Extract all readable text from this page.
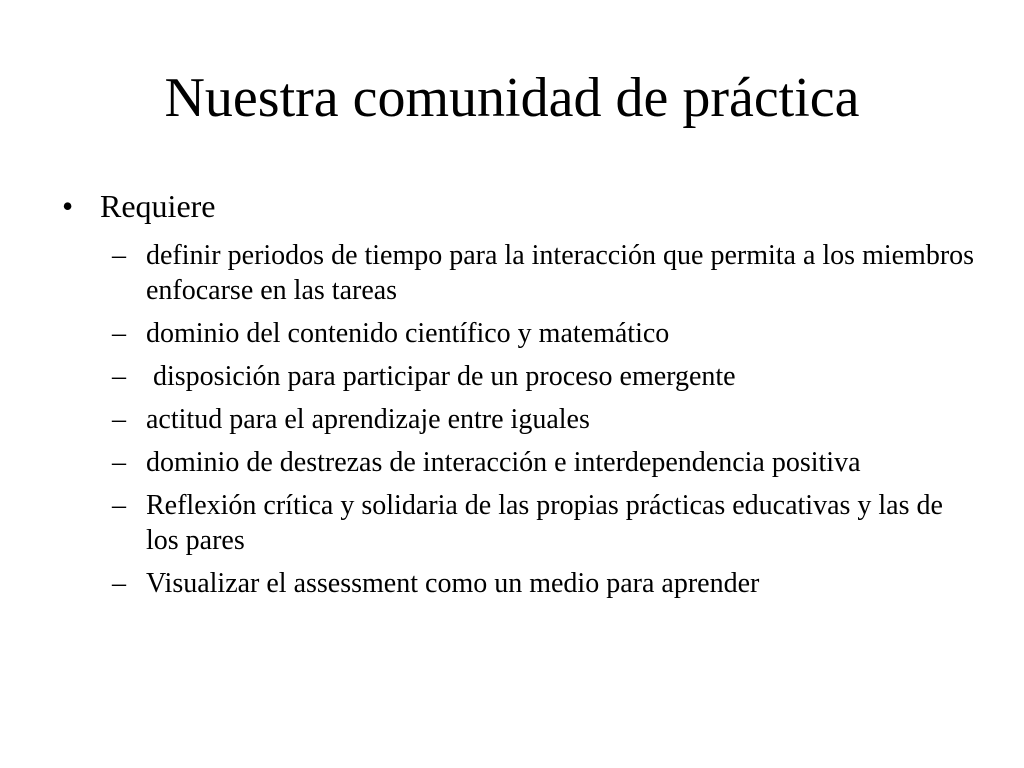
Nuestra comunidad de práctica
• Requiere
– definir periodos de tiempo para la interacción que permita a los miembros enfocarse en las tareas
– dominio del contenido científico y matemático
– disposición para participar de un proceso emergente
– actitud para el aprendizaje entre iguales
– dominio de destrezas de interacción e interdependencia positiva
– Reflexión crítica y solidaria de las propias prácticas educativas y las de los pares
– Visualizar el assessment como un medio para aprender
